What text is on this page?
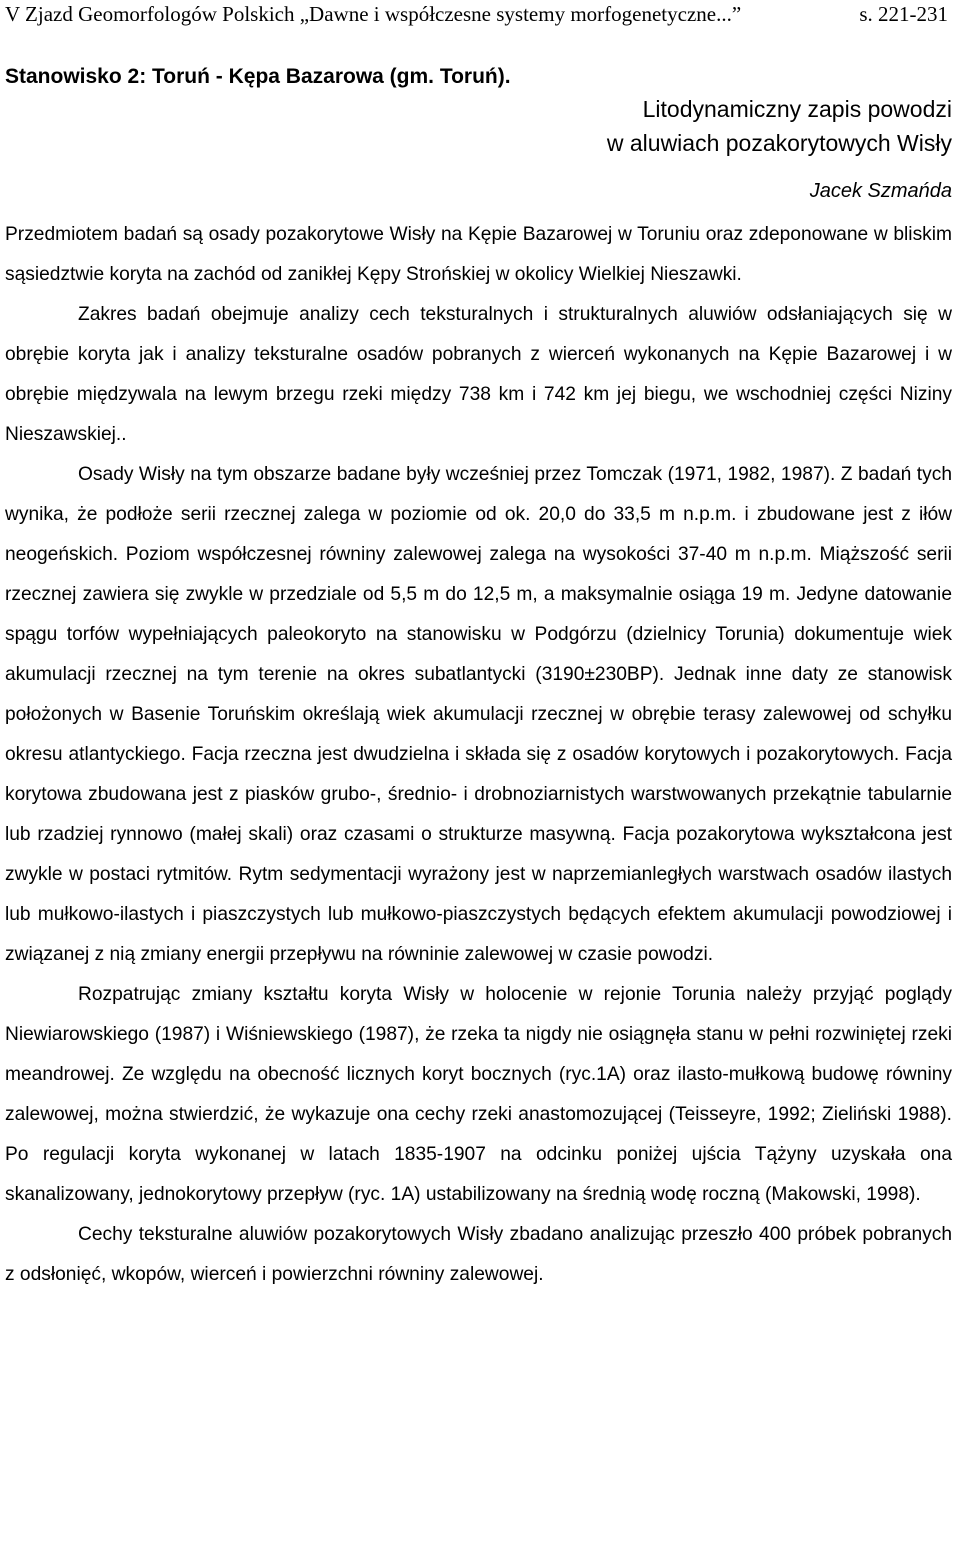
V Zjazd Geomorfologów Polskich „Dawne i współczesne systemy morfogenetyczne...”	s. 221-231
Stanowisko 2: Toruń - Kępa Bazarowa (gm. Toruń).
Litodynamiczny zapis powodzi
w aluwiach pozakorytowych Wisły
Jacek Szmańda

Przedmiotem badań są osady pozakorytowe Wisły na Kępie Bazarowej w Toruniu oraz zdeponowane w bliskim sąsiedztwie koryta na zachód od zanikłej Kępy Strońskiej w okolicy Wielkiej Nieszawki.

Zakres badań obejmuje analizy cech teksturalnych i strukturalnych aluwiów odsłaniających się w obrębie koryta jak i analizy teksturalne osadów pobranych z wierceń wykonanych na Kępie Bazarowej i w obrębie międzywala na lewym brzegu rzeki między 738 km i 742 km jej biegu, we wschodniej części Niziny Nieszawskiej..

Osady Wisły na tym obszarze badane były wcześniej przez Tomczak (1971, 1982, 1987). Z badań tych wynika, że podłoże serii rzecznej zalega w poziomie od ok. 20,0 do 33,5 m n.p.m. i zbudowane jest z iłów neogeńskich. Poziom współczesnej równiny zalewowej zalega na wysokości 37-40 m n.p.m. Miąższość serii rzecznej zawiera się zwykle w przedziale od 5,5 m do 12,5 m, a maksymalnie osiąga 19 m. Jedyne datowanie spągu torfów wypełniających paleokoryto na stanowisku w Podgórzu (dzielnicy Torunia) dokumentuje wiek akumulacji rzecznej na tym terenie na okres subatlantycki (3190±230BP). Jednak inne daty ze stanowisk położonych w Basenie Toruńskim określają wiek akumulacji rzecznej w obrębie terasy zalewowej od schyłku okresu atlantyckiego. Facja rzeczna jest dwudzielna i składa się z osadów korytowych i pozakorytowych. Facja korytowa zbudowana jest z piasków grubo-, średnio- i drobnoziarnistych warstwowanych przekątnie tabularnie lub rzadziej rynnowo (małej skali) oraz czasami o strukturze masywną. Facja pozakorytowa wykształcona jest zwykle w postaci rytmitów. Rytm sedymentacji wyrażony jest w naprzemianległych warstwach osadów ilastych lub mułkowo-ilastych i piaszczystych lub mułkowo-piaszczystych będących efektem akumulacji powodziowej i związanej z nią zmiany energii przepływu na równinie zalewowej w czasie powodzi.

Rozpatrując zmiany kształtu koryta Wisły w holocenie w rejonie Torunia należy przyjąć poglądy Niewiarowskiego (1987) i Wiśniewskiego (1987), że rzeka ta nigdy nie osiągnęła stanu w pełni rozwiniętej rzeki meandrowej. Ze względu na obecność licznych koryt bocznych (ryc.1A) oraz ilasto-mułkową budowę równiny zalewowej, można stwierdzić, że wykazuje ona cechy rzeki anastomozującej (Teisseyre, 1992; Zieliński 1988). Po regulacji koryta wykonanej w latach 1835-1907 na odcinku poniżej ujścia Tążyny uzyskała ona skanalizowany, jednokorytowy przepływ (ryc. 1A) ustabilizowany na średnią wodę roczną (Makowski, 1998).

Cechy teksturalne aluwiów pozakorytowych Wisły zbadano analizując przeszło 400 próbek pobranych z odsłonięć, wkopów, wierceń i powierzchni równiny zalewowej.
